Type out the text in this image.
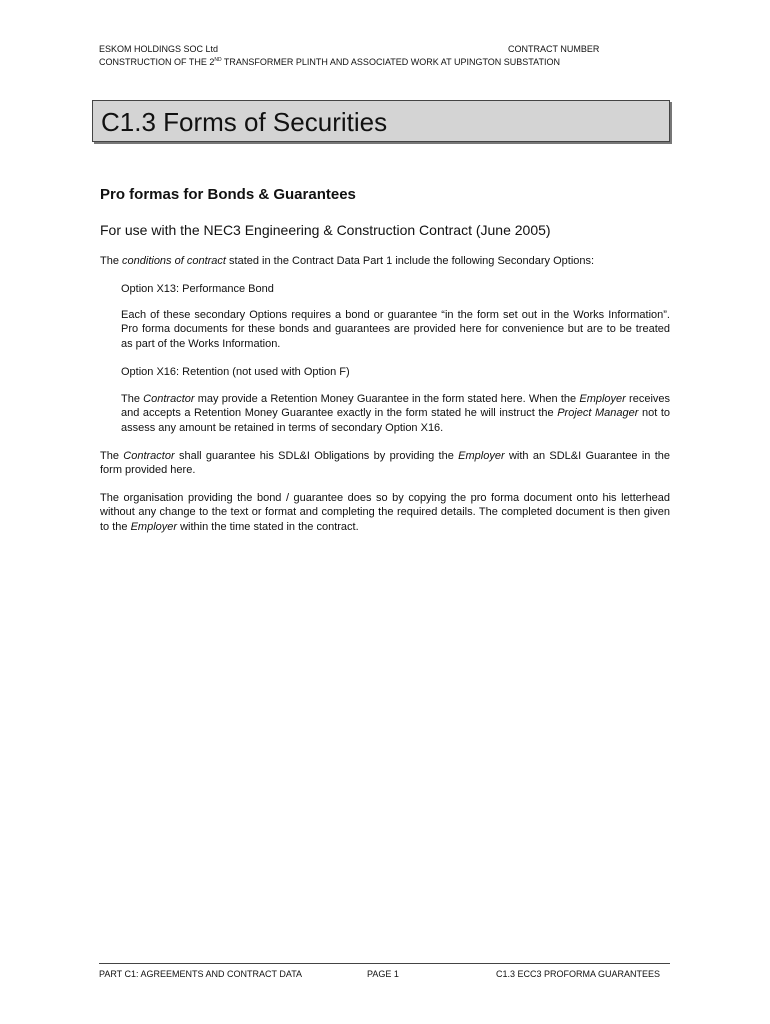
ESKOM HOLDINGS SOC Ltd	CONTRACT NUMBER
CONSTRUCTION OF THE 2ND TRANSFORMER PLINTH AND ASSOCIATED WORK AT UPINGTON SUBSTATION
C1.3 Forms of Securities
Pro formas for Bonds & Guarantees
For use with the NEC3 Engineering & Construction Contract (June 2005)
The conditions of contract stated in the Contract Data Part 1 include the following Secondary Options:
Option X13: Performance Bond
Each of these secondary Options requires a bond or guarantee “in the form set out in the Works Information”. Pro forma documents for these bonds and guarantees are provided here for convenience but are to be treated as part of the Works Information.
Option X16: Retention (not used with Option F)
The Contractor may provide a Retention Money Guarantee in the form stated here. When the Employer receives and accepts a Retention Money Guarantee exactly in the form stated he will instruct the Project Manager not to assess any amount be retained in terms of secondary Option X16.
The Contractor shall guarantee his SDL&I Obligations by providing the Employer with an SDL&I Guarantee in the form provided here.
The organisation providing the bond / guarantee does so by copying the pro forma document onto his letterhead without any change to the text or format and completing the required details. The completed document is then given to the Employer within the time stated in the contract.
PART C1: AGREEMENTS AND CONTRACT DATA	PAGE 1	C1.3 ECC3 PROFORMA GUARANTEES
